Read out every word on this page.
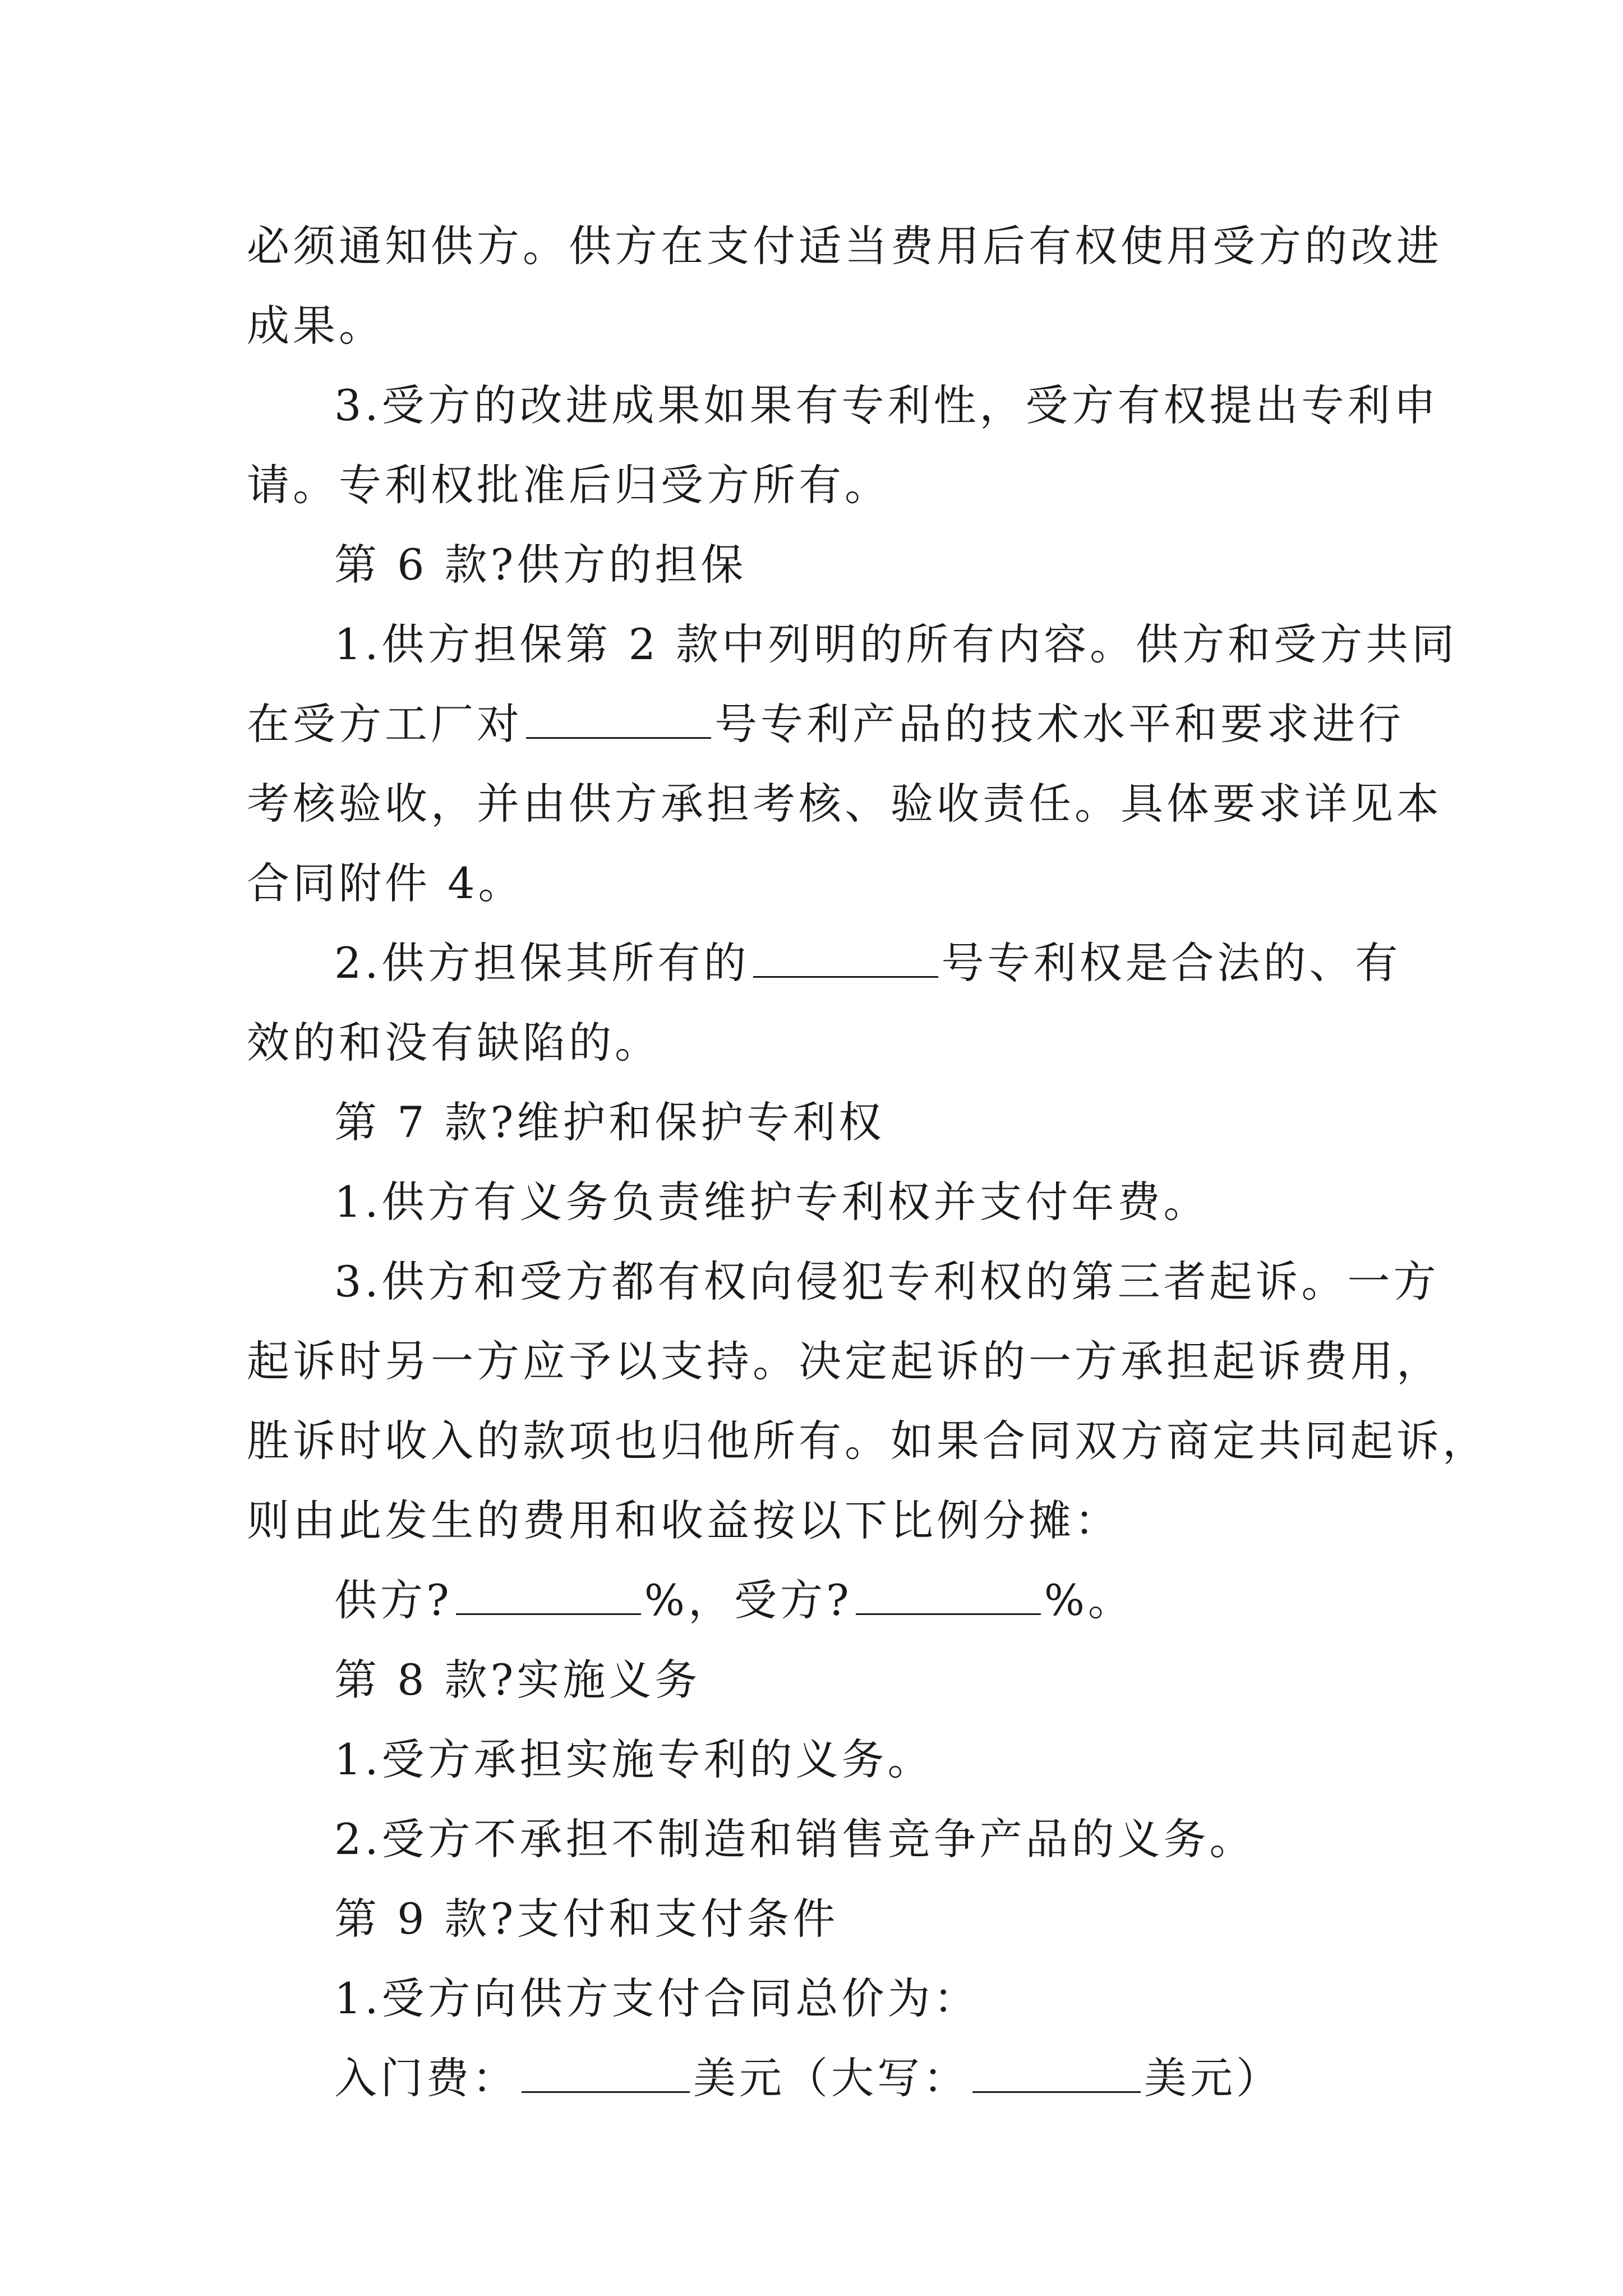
必须通知供方。供方在支付适当费用后有权使用受方的改进
成果。
3.受方的改进成果如果有专利性，受方有权提出专利申
请。专利权批准后归受方所有。
第 6 款?供方的担保
1.供方担保第 2 款中列明的所有内容。供方和受方共同
在受方工厂对	号专利产品的技术水平和要求进行
考核验收，并由供方承担考核、验收责任。具体要求详见本
合同附件 4。
2.供方担保其所有的	号专利权是合法的、有
效的和没有缺陷的。
第 7 款?维护和保护专利权
1.供方有义务负责维护专利权并支付年费。
3.供方和受方都有权向侵犯专利权的第三者起诉。一方
起诉时另一方应予以支持。决定起诉的一方承担起诉费用，
胜诉时收入的款项也归他所有。如果合同双方商定共同起诉，
则由此发生的费用和收益按以下比例分摊：
供方?	%，受方?	%。
第 8 款?实施义务
1.受方承担实施专利的义务。
2.受方不承担不制造和销售竞争产品的义务。
第 9 款?支付和支付条件
1.受方向供方支付合同总价为：
入门费：	美元（大写：	美元）
